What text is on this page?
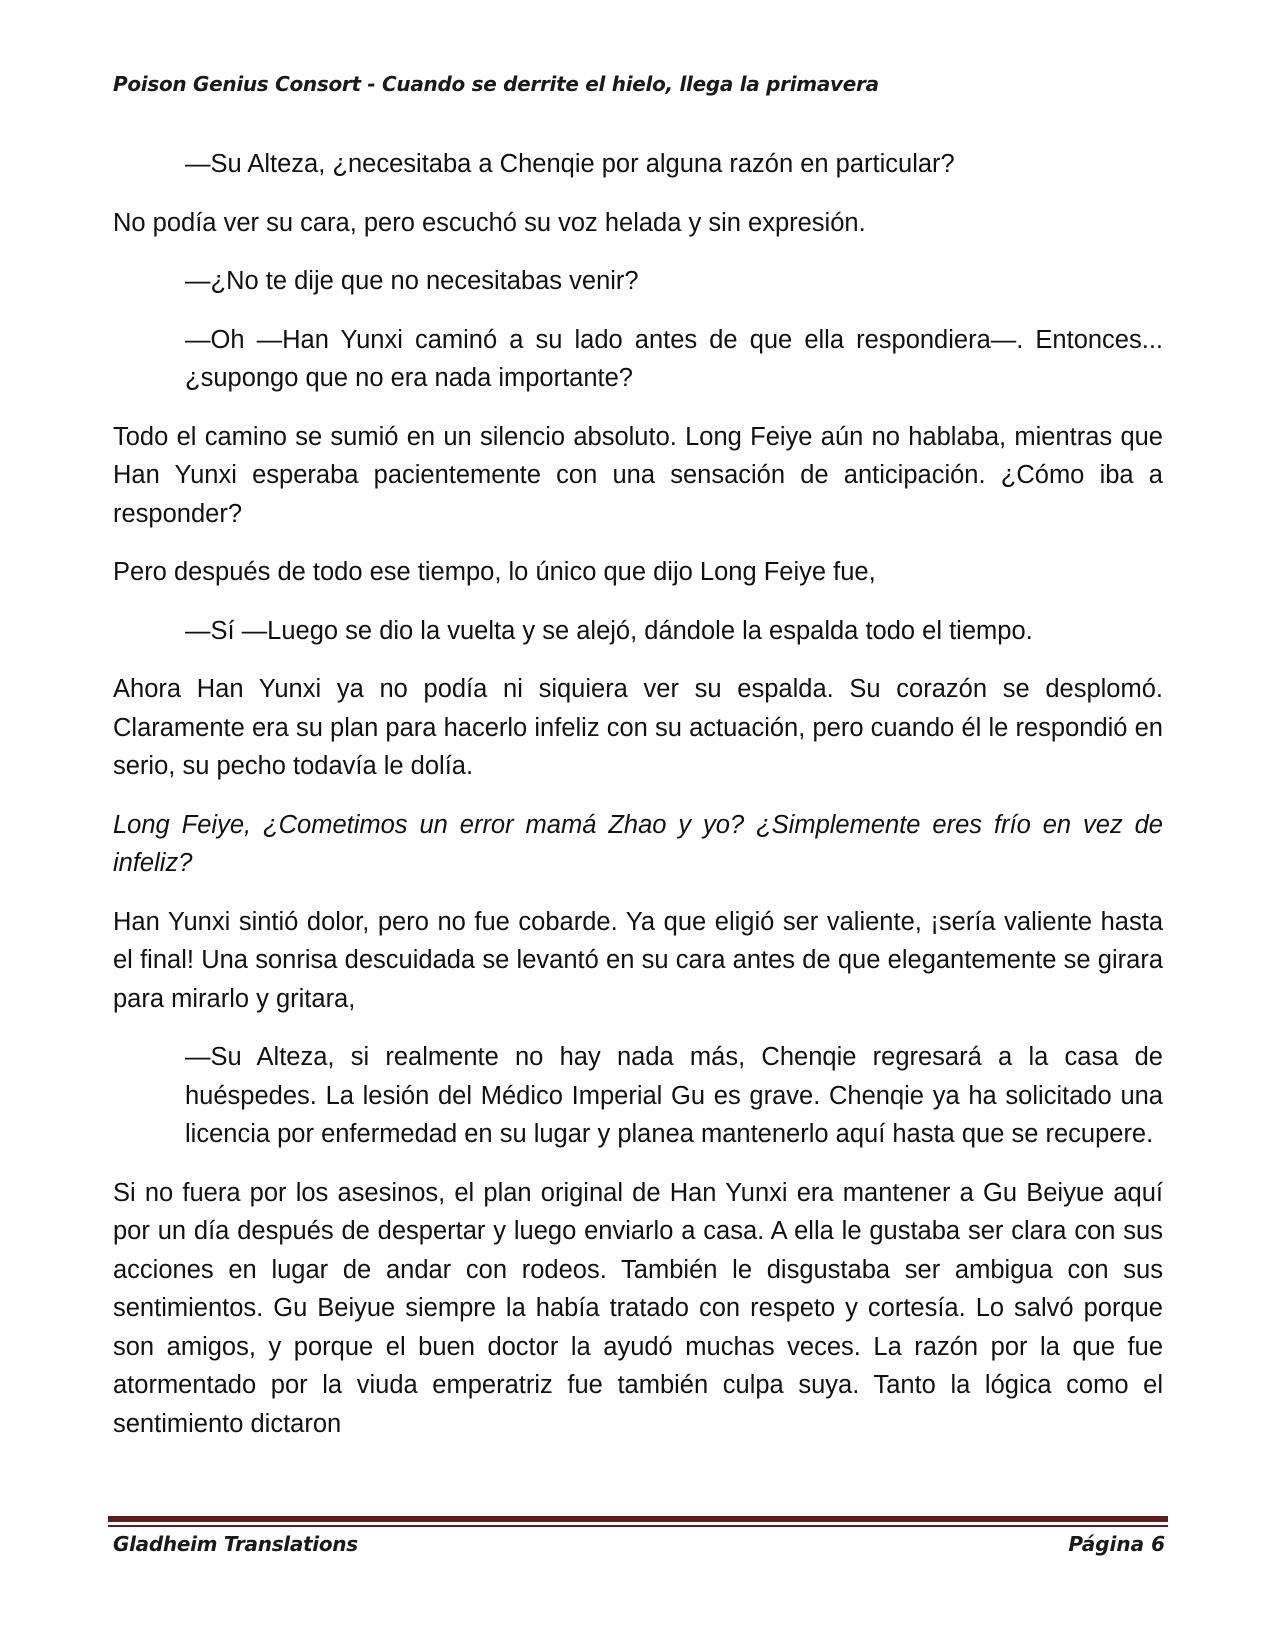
Poison Genius Consort - Cuando se derrite el hielo, llega la primavera

—Su Alteza, ¿necesitaba a Chenqie por alguna razón en particular?

No podía ver su cara, pero escuchó su voz helada y sin expresión.

—¿No te dije que no necesitabas venir?

—Oh —Han Yunxi caminó a su lado antes de que ella respondiera—. Entonces... ¿supongo que no era nada importante?

Todo el camino se sumió en un silencio absoluto. Long Feiye aún no hablaba, mientras que Han Yunxi esperaba pacientemente con una sensación de anticipación. ¿Cómo iba a responder?

Pero después de todo ese tiempo, lo único que dijo Long Feiye fue,

—Sí —Luego se dio la vuelta y se alejó, dándole la espalda todo el tiempo.

Ahora Han Yunxi ya no podía ni siquiera ver su espalda. Su corazón se desplomó. Claramente era su plan para hacerlo infeliz con su actuación, pero cuando él le respondió en serio, su pecho todavía le dolía.

Long Feiye, ¿Cometimos un error mamá Zhao y yo? ¿Simplemente eres frío en vez de infeliz?

Han Yunxi sintió dolor, pero no fue cobarde. Ya que eligió ser valiente, ¡sería valiente hasta el final! Una sonrisa descuidada se levantó en su cara antes de que elegantemente se girara para mirarlo y gritara,

—Su Alteza, si realmente no hay nada más, Chenqie regresará a la casa de huéspedes. La lesión del Médico Imperial Gu es grave. Chenqie ya ha solicitado una licencia por enfermedad en su lugar y planea mantenerlo aquí hasta que se recupere.

Si no fuera por los asesinos, el plan original de Han Yunxi era mantener a Gu Beiyue aquí por un día después de despertar y luego enviarlo a casa. A ella le gustaba ser clara con sus acciones en lugar de andar con rodeos. También le disgustaba ser ambigua con sus sentimientos. Gu Beiyue siempre la había tratado con respeto y cortesía. Lo salvó porque son amigos, y porque el buen doctor la ayudó muchas veces. La razón por la que fue atormentado por la viuda emperatriz fue también culpa suya. Tanto la lógica como el sentimiento dictaron

Gladheim Translations	Página 6
